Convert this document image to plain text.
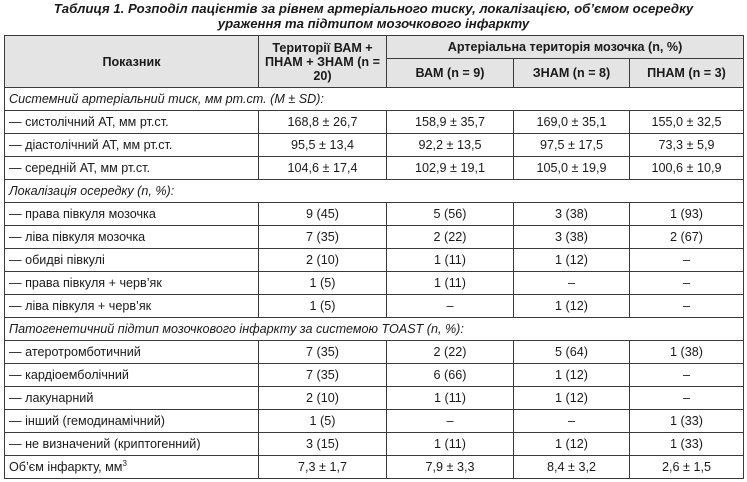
Таблиця 1. Розподіл пацієнтів за рівнем артеріального тиску, локалізацією, об’ємом осередку
ураження та підтипом мозочкового інфаркту
Показник	Території ВАМ + ПНАМ + ЗНАМ (n = 20)	Артеріальна територія мозочка (n, %)		
		ВАМ (n = 9)	ЗНАМ (n = 8)	ПНАМ (n = 3)
Системний артеріальний тиск, мм рт.ст. (M ± SD):				
— систолічний АТ, мм рт.ст.	168,8 ± 26,7	158,9 ± 35,7	169,0 ± 35,1	155,0 ± 32,5
— діастолічний АТ, мм рт.ст.	95,5 ± 13,4	92,2 ± 13,5	97,5 ± 17,5	73,3 ± 5,9
— середній АТ, мм рт.ст.	104,6 ± 17,4	102,9 ± 19,1	105,0 ± 19,9	100,6 ± 10,9
Локалізація осередку (n, %):				
— права півкуля мозочка	9 (45)	5 (56)	3 (38)	1 (93)
— ліва півкуля мозочка	7 (35)	2 (22)	3 (38)	2 (67)
— обидві півкулі	2 (10)	1 (11)	1 (12)	–
— права півкуля + черв’як	1 (5)	1 (11)	–	–
— ліва півкуля + черв’як	1 (5)	–	1 (12)	–
Патогенетичний підтип мозочкового інфаркту за системою TOAST (n, %):				
— атеротромботичний	7 (35)	2 (22)	5 (64)	1 (38)
— кардіоемболічний	7 (35)	6 (66)	1 (12)	–
— лакунарний	2 (10)	1 (11)	1 (12)	–
— інший (гемодинамічний)	1 (5)	–	–	1 (33)
— не визначений (криптогенний)	3 (15)	1 (11)	1 (12)	1 (33)
Об’єм інфаркту, $мм^3$	7,3 ± 1,7	7,9 ± 3,3	8,4 ± 3,2	2,6 ± 1,5
